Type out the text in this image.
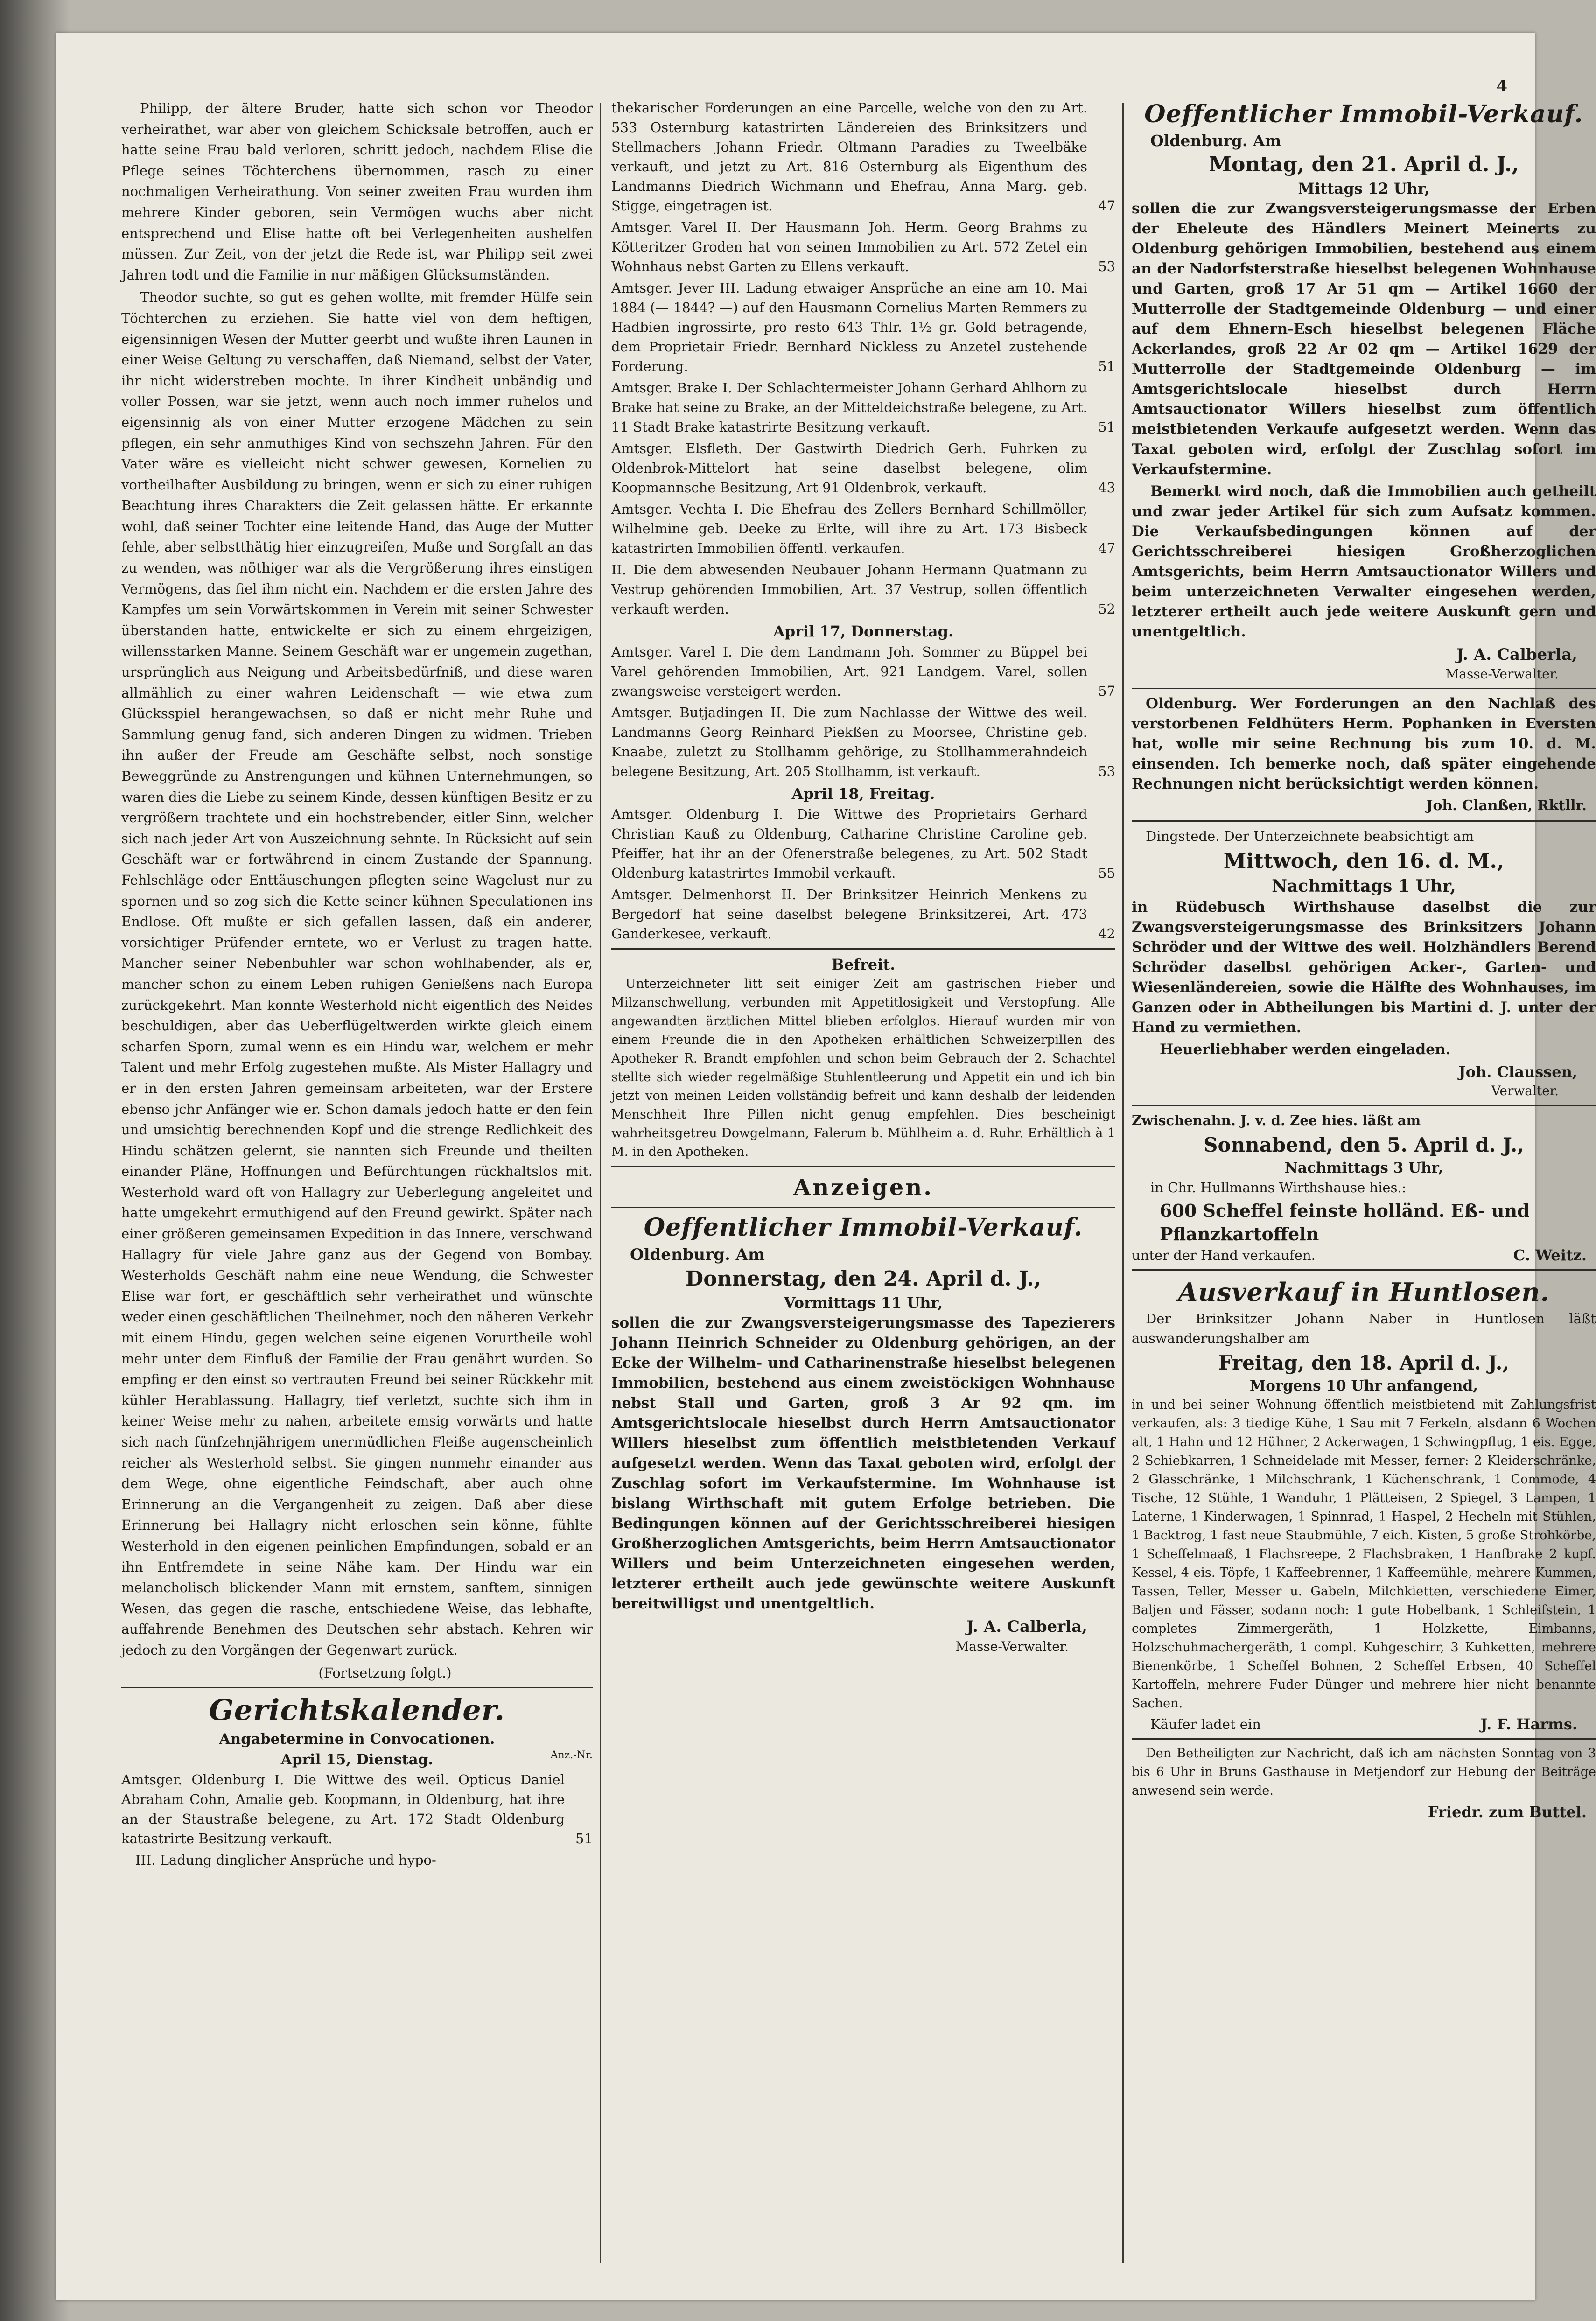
4

Philipp, der ältere Bruder, hatte sich schon vor Theodor verheirathet, war aber von gleichem Schicksale betroffen, auch er hatte seine Frau bald verloren, schritt jedoch, nachdem Elise die Pflege seines Töchterchens übernommen, rasch zu einer nochmaligen Verheirathung. Von seiner zweiten Frau wurden ihm mehrere Kinder geboren, sein Vermögen wuchs aber nicht entsprechend und Elise hatte oft bei Verlegenheiten aushelfen müssen. Zur Zeit, von der jetzt die Rede ist, war Philipp seit zwei Jahren todt und die Familie in nur mäßigen Glücksumständen.

Theodor suchte, so gut es gehen wollte, mit fremder Hülfe sein Töchterchen zu erziehen. Sie hatte viel von dem heftigen, eigensinnigen Wesen der Mutter geerbt und wußte ihren Launen in einer Weise Geltung zu verschaffen, daß Niemand, selbst der Vater, ihr nicht widerstreben mochte. In ihrer Kindheit unbändig und voller Possen, war sie jetzt, wenn auch noch immer ruhelos und eigensinnig als von einer Mutter erzogene Mädchen zu sein pflegen, ein sehr anmuthiges Kind von sechszehn Jahren. Für den Vater wäre es vielleicht nicht schwer gewesen, Kornelien zu vortheilhafter Ausbildung zu bringen, wenn er sich zu einer ruhigen Beachtung ihres Charakters die Zeit gelassen hätte. Er erkannte wohl, daß seiner Tochter eine leitende Hand, das Auge der Mutter fehle, aber selbstthätig hier einzugreifen, Muße und Sorgfalt an das zu wenden, was nöthiger war als die Vergrößerung ihres einstigen Vermögens, das fiel ihm nicht ein. Nachdem er die ersten Jahre des Kampfes um sein Vorwärtskommen in Verein mit seiner Schwester überstanden hatte, entwickelte er sich zu einem ehrgeizigen, willensstarken Manne. Seinem Geschäft war er ungemein zugethan, ursprünglich aus Neigung und Arbeitsbedürfniß, und diese waren allmählich zu einer wahren Leidenschaft — wie etwa zum Glücksspiel herangewachsen, so daß er nicht mehr Ruhe und Sammlung genug fand, sich anderen Dingen zu widmen. Trieben ihn außer der Freude am Geschäfte selbst, noch sonstige Beweggründe zu Anstrengungen und kühnen Unternehmungen, so waren dies die Liebe zu seinem Kinde, dessen künftigen Besitz er zu vergrößern trachtete und ein hochstrebender, eitler Sinn, welcher sich nach jeder Art von Auszeichnung sehnte. In Rücksicht auf sein Geschäft war er fortwährend in einem Zustande der Spannung. Fehlschläge oder Enttäuschungen pflegten seine Wagelust nur zu spornen und so zog sich die Kette seiner kühnen Speculationen ins Endlose. Oft mußte er sich gefallen lassen, daß ein anderer, vorsichtiger Prüfender erntete, wo er Verlust zu tragen hatte. Mancher seiner Nebenbuhler war schon wohlhabender, als er, mancher schon zu einem Leben ruhigen Genießens nach Europa zurückgekehrt. Man konnte Westerhold nicht eigentlich des Neides beschuldigen, aber das Ueberflügeltwerden wirkte gleich einem scharfen Sporn, zumal wenn es ein Hindu war, welchem er mehr Talent und mehr Erfolg zugestehen mußte. Als Mister Hallagry und er in den ersten Jahren gemeinsam arbeiteten, war der Erstere ebenso jchr Anfänger wie er. Schon damals jedoch hatte er den fein und umsichtig berechnenden Kopf und die strenge Redlichkeit des Hindu schätzen gelernt, sie nannten sich Freunde und theilten einander Pläne, Hoffnungen und Befürchtungen rückhaltslos mit. Westerhold ward oft von Hallagry zur Ueberlegung angeleitet und hatte umgekehrt ermuthigend auf den Freund gewirkt. Später nach einer größeren gemeinsamen Expedition in das Innere, verschwand Hallagry für viele Jahre ganz aus der Gegend von Bombay. Westerholds Geschäft nahm eine neue Wendung, die Schwester Elise war fort, er geschäftlich sehr verheirathet und wünschte weder einen geschäftlichen Theilnehmer, noch den näheren Verkehr mit einem Hindu, gegen welchen seine eigenen Vorurtheile wohl mehr unter dem Einfluß der Familie der Frau genährt wurden. So empfing er den einst so vertrauten Freund bei seiner Rückkehr mit kühler Herablassung. Hallagry, tief verletzt, suchte sich ihm in keiner Weise mehr zu nahen, arbeitete emsig vorwärts und hatte sich nach fünfzehnjährigem unermüdlichen Fleiße augenscheinlich reicher als Westerhold selbst. Sie gingen nunmehr einander aus dem Wege, ohne eigentliche Feindschaft, aber auch ohne Erinnerung an die Vergangenheit zu zeigen. Daß aber diese Erinnerung bei Hallagry nicht erloschen sein könne, fühlte Westerhold in den eigenen peinlichen Empfindungen, sobald er an ihn Entfremdete in seine Nähe kam. Der Hindu war ein melancholisch blickender Mann mit ernstem, sanftem, sinnigen Wesen, das gegen die rasche, entschiedene Weise, das lebhafte, auffahrende Benehmen des Deutschen sehr abstach. Kehren wir jedoch zu den Vorgängen der Gegenwart zurück.

(Fortsetzung folgt.)

Gerichtskalender.
Angabetermine in Convocationen.
April 15, Dienstag.	Anz.-Nr.
Amtsger. Oldenburg I. Die Wittwe des weil. Opticus Daniel Abraham Cohn, Amalie geb. Koopmann, in Oldenburg, hat ihre an der Staustraße belegene, zu Art. 172 Stadt Oldenburg katastrirte Besitzung verkauft.	51

III. Ladung dinglicher Ansprüche und hypo-

thekarischer Forderungen an eine Parcelle, welche von den zu Art. 533 Osternburg katastrirten Ländereien des Brinksitzers und Stellmachers Johann Friedr. Oltmann Paradies zu Tweelbäke verkauft, und jetzt zu Art. 816 Osternburg als Eigenthum des Landmanns Diedrich Wichmann und Ehefrau, Anna Marg. geb. Stigge, eingetragen ist.	47
Amtsger. Varel II. Der Hausmann Joh. Herm. Georg Brahms zu Kötteritzer Groden hat von seinen Immobilien zu Art. 572 Zetel ein Wohnhaus nebst Garten zu Ellens verkauft.	53
Amtsger. Jever III. Ladung etwaiger Ansprüche an eine am 10. Mai 1884 (— 1844? —) auf den Hausmann Cornelius Marten Remmers zu Hadbien ingrossirte, pro resto 643 Thlr. 1½ gr. Gold betragende, dem Proprietair Friedr. Bernhard Nickless zu Anzetel zustehende Forderung.	51
Amtsger. Brake I. Der Schlachtermeister Johann Gerhard Ahlhorn zu Brake hat seine zu Brake, an der Mitteldeichstraße belegene, zu Art. 11 Stadt Brake katastrirte Besitzung verkauft.	51
Amtsger. Elsfleth. Der Gastwirth Diedrich Gerh. Fuhrken zu Oldenbrok-Mittelort hat seine daselbst belegene, olim Koopmannsche Besitzung, Art 91 Oldenbrok, verkauft.	43
Amtsger. Vechta I. Die Ehefrau des Zellers Bernhard Schillmöller, Wilhelmine geb. Deeke zu Erlte, will ihre zu Art. 173 Bisbeck katastrirten Immobilien öffentl. verkaufen.	47
II. Die dem abwesenden Neubauer Johann Hermann Quatmann zu Vestrup gehörenden Immobilien, Art. 37 Vestrup, sollen öffentlich verkauft werden.	52
April 17, Donnerstag.
Amtsger. Varel I. Die dem Landmann Joh. Sommer zu Büppel bei Varel gehörenden Immobilien, Art. 921 Landgem. Varel, sollen zwangsweise versteigert werden.	57
Amtsger. Butjadingen II. Die zum Nachlasse der Wittwe des weil. Landmanns Georg Reinhard Piekßen zu Moorsee, Christine geb. Knaabe, zuletzt zu Stollhamm gehörige, zu Stollhammerahndeich belegene Besitzung, Art. 205 Stollhamm, ist verkauft.	53
April 18, Freitag.
Amtsger. Oldenburg I. Die Wittwe des Proprietairs Gerhard Christian Kauß zu Oldenburg, Catharine Christine Caroline geb. Pfeiffer, hat ihr an der Ofenerstraße belegenes, zu Art. 502 Stadt Oldenburg katastrirtes Immobil verkauft.	55
Amtsger. Delmenhorst II. Der Brinksitzer Heinrich Menkens zu Bergedorf hat seine daselbst belegene Brinksitzerei, Art. 473 Ganderkesee, verkauft.	42
Befreit.

Unterzeichneter litt seit einiger Zeit am gastrischen Fieber und Milzanschwellung, verbunden mit Appetitlosigkeit und Verstopfung. Alle angewandten ärztlichen Mittel blieben erfolglos. Hierauf wurden mir von einem Freunde die in den Apotheken erhältlichen Schweizerpillen des Apotheker R. Brandt empfohlen und schon beim Gebrauch der 2. Schachtel stellte sich wieder regelmäßige Stuhlentleerung und Appetit ein und ich bin jetzt von meinen Leiden vollständig befreit und kann deshalb der leidenden Menschheit Ihre Pillen nicht genug empfehlen. Dies bescheinigt wahrheitsgetreu Dowgelmann, Falerum b. Mühlheim a. d. Ruhr. Erhältlich à 1 M. in den Apotheken.

Anzeigen.
Oeffentlicher Immobil-Verkauf.
Oldenburg. Am
Donnerstag, den 24. April d. J.,
Vormittags 11 Uhr,

sollen die zur Zwangsversteigerungsmasse des Tapezierers Johann Heinrich Schneider zu Oldenburg gehörigen, an der Ecke der Wilhelm- und Catharinenstraße hieselbst belegenen Immobilien, bestehend aus einem zweistöckigen Wohnhause nebst Stall und Garten, groß 3 Ar 92 qm. im Amtsgerichtslocale hieselbst durch Herrn Amtsauctionator Willers hieselbst zum öffentlich meistbietenden Verkauf aufgesetzt werden. Wenn das Taxat geboten wird, erfolgt der Zuschlag sofort im Verkaufstermine. Im Wohnhause ist bislang Wirthschaft mit gutem Erfolge betrieben. Die Bedingungen können auf der Gerichtsschreiberei hiesigen Großherzoglichen Amtsgerichts, beim Herrn Amtsauctionator Willers und beim Unterzeichneten eingesehen werden, letzterer ertheilt auch jede gewünschte weitere Auskunft bereitwilligst und unentgeltlich.

J. A. Calberla,
Masse-Verwalter.
Oeffentlicher Immobil-Verkauf.
Oldenburg. Am
Montag, den 21. April d. J.,
Mittags 12 Uhr,

sollen die zur Zwangsversteigerungsmasse der Erben der Eheleute des Händlers Meinert Meinerts zu Oldenburg gehörigen Immobilien, bestehend aus einem an der Nadorfsterstraße hieselbst belegenen Wohnhause und Garten, groß 17 Ar 51 qm — Artikel 1660 der Mutterrolle der Stadtgemeinde Oldenburg — und einer auf dem Ehnern-Esch hieselbst belegenen Fläche Ackerlandes, groß 22 Ar 02 qm — Artikel 1629 der Mutterrolle der Stadtgemeinde Oldenburg — im Amtsgerichtslocale hieselbst durch Herrn Amtsauctionator Willers hieselbst zum öffentlich meistbietenden Verkaufe aufgesetzt werden. Wenn das Taxat geboten wird, erfolgt der Zuschlag sofort im Verkaufstermine.

Bemerkt wird noch, daß die Immobilien auch getheilt und zwar jeder Artikel für sich zum Aufsatz kommen. Die Verkaufsbedingungen können auf der Gerichtsschreiberei hiesigen Großherzoglichen Amtsgerichts, beim Herrn Amtsauctionator Willers und beim unterzeichneten Verwalter eingesehen werden, letzterer ertheilt auch jede weitere Auskunft gern und unentgeltlich.

J. A. Calberla,
Masse-Verwalter.

Oldenburg. Wer Forderungen an den Nachlaß des verstorbenen Feldhüters Herm. Pophanken in Eversten hat, wolle mir seine Rechnung bis zum 10. d. M. einsenden. Ich bemerke noch, daß später eingehende Rechnungen nicht berücksichtigt werden können.

Joh. Clanßen, Rktllr.

Dingstede. Der Unterzeichnete beabsichtigt am

Mittwoch, den 16. d. M.,
Nachmittags 1 Uhr,

in Rüdebusch Wirthshause daselbst die zur Zwangsversteigerungsmasse des Brinksitzers Johann Schröder und der Wittwe des weil. Holzhändlers Berend Schröder daselbst gehörigen Acker-, Garten- und Wiesenländereien, sowie die Hälfte des Wohnhauses, im Ganzen oder in Abtheilungen bis Martini d. J. unter der Hand zu vermiethen.

Heuerliebhaber werden eingeladen.

Joh. Claussen,
Verwalter.

Zwischenahn. J. v. d. Zee hies. läßt am

Sonnabend, den 5. April d. J.,
Nachmittags 3 Uhr,

in Chr. Hullmanns Wirthshause hies.:

600 Scheffel feinste holländ. Eß- und Pflanzkartoffeln
unter der Hand verkaufen.	C. Weitz.
Ausverkauf in Huntlosen.

Der Brinksitzer Johann Naber in Huntlosen läßt auswanderungshalber am

Freitag, den 18. April d. J.,
Morgens 10 Uhr anfangend,

in und bei seiner Wohnung öffentlich meistbietend mit Zahlungsfrist verkaufen, als: 3 tiedige Kühe, 1 Sau mit 7 Ferkeln, alsdann 6 Wochen alt, 1 Hahn und 12 Hühner, 2 Ackerwagen, 1 Schwingpflug, 1 eis. Egge, 2 Schiebkarren, 1 Schneidelade mit Messer, ferner: 2 Kleiderschränke, 2 Glasschränke, 1 Milchschrank, 1 Küchenschrank, 1 Commode, 4 Tische, 12 Stühle, 1 Wanduhr, 1 Plätteisen, 2 Spiegel, 3 Lampen, 1 Laterne, 1 Kinderwagen, 1 Spinnrad, 1 Haspel, 2 Hecheln mit Stühlen, 1 Backtrog, 1 fast neue Staubmühle, 7 eich. Kisten, 5 große Strohkörbe, 1 Scheffelmaaß, 1 Flachsreepe, 2 Flachsbraken, 1 Hanfbrake 2 kupf. Kessel, 4 eis. Töpfe, 1 Kaffeebrenner, 1 Kaffeemühle, mehrere Kummen, Tassen, Teller, Messer u. Gabeln, Milchkietten, verschiedene Eimer, Baljen und Fässer, sodann noch: 1 gute Hobelbank, 1 Schleifstein, 1 completes Zimmergeräth, 1 Holzkette, Eimbanns, Holzschuhmachergeräth, 1 compl. Kuhgeschirr, 3 Kuhketten, mehrere Bienenkörbe, 1 Scheffel Bohnen, 2 Scheffel Erbsen, 40 Scheffel Kartoffeln, mehrere Fuder Dünger und mehrere hier nicht benannte Sachen.

Käufer ladet ein	J. F. Harms.

Den Betheiligten zur Nachricht, daß ich am nächsten Sonntag von 3 bis 6 Uhr in Bruns Gasthause in Metjendorf zur Hebung der Beiträge anwesend sein werde.

Friedr. zum Buttel.
